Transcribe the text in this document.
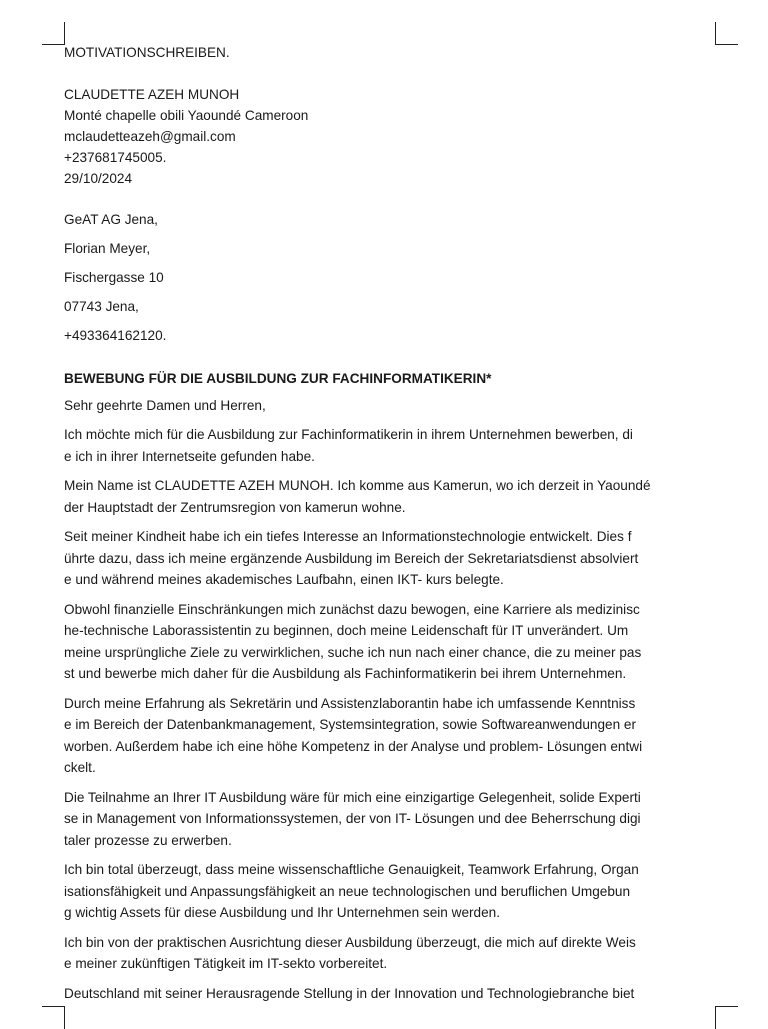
MOTIVATIONSCHREIBEN.
CLAUDETTE AZEH MUNOH
Monté chapelle obili Yaoundé Cameroon
mclaudetteazeh@gmail.com
+237681745005.
29/10/2024
GeAT AG Jena,
Florian Meyer,
Fischergasse 10
07743 Jena,
+493364162120.
BEWEBUNG FÜR DIE AUSBILDUNG ZUR FACHINFORMATIKERIN*
Sehr geehrte Damen und Herren,

Ich möchte mich für die Ausbildung zur Fachinformatikerin in ihrem Unternehmen bewerben, di
e ich in ihrer Internetseite gefunden habe.

Mein Name ist CLAUDETTE AZEH MUNOH. Ich komme aus Kamerun, wo ich derzeit in Yaoundé
der Hauptstadt der Zentrumsregion von kamerun wohne.

Seit meiner Kindheit habe ich ein tiefes Interesse an Informationstechnologie entwickelt. Dies f
ührte dazu, dass ich meine ergänzende Ausbildung im Bereich der Sekretariatsdienst absolviert
e und während meines akademisches Laufbahn, einen IKT- kurs belegte.

Obwohl finanzielle Einschränkungen mich zunächst dazu bewogen, eine Karriere als medizinisc
he-technische Laborassistentin zu beginnen, doch meine Leidenschaft für IT unverändert. Um
meine ursprüngliche Ziele zu verwirklichen, suche ich nun nach einer chance, die zu meiner pas
st und bewerbe mich daher für die Ausbildung als Fachinformatikerin bei ihrem Unternehmen.

Durch meine Erfahrung als Sekretärin und Assistenzlaborantin habe ich umfassende Kenntniss
e im Bereich der Datenbankmanagement, Systemsintegration, sowie Softwareanwendungen er
worben. Außerdem habe ich eine höhe Kompetenz in der Analyse und problem- Lösungen entwi
ckelt.

Die Teilnahme an Ihrer IT Ausbildung wäre für mich eine einzigartige Gelegenheit, solide Experti
se in Management von Informationssystemen, der von IT- Lösungen und dee Beherrschung digi
taler prozesse zu erwerben.

Ich bin total überzeugt, dass meine wissenschaftliche Genauigkeit, Teamwork Erfahrung, Organ
isationsfähigkeit und Anpassungsfähigkeit an neue technologischen und beruflichen Umgebun
g wichtig Assets für diese Ausbildung und Ihr Unternehmen sein werden.

Ich bin von der praktischen Ausrichtung dieser Ausbildung überzeugt, die mich auf direkte Weis
e meiner zukünftigen Tätigkeit im IT-sekto vorbereitet.

Deutschland mit seiner Herausragende Stellung in der Innovation und Technologiebranche biet
